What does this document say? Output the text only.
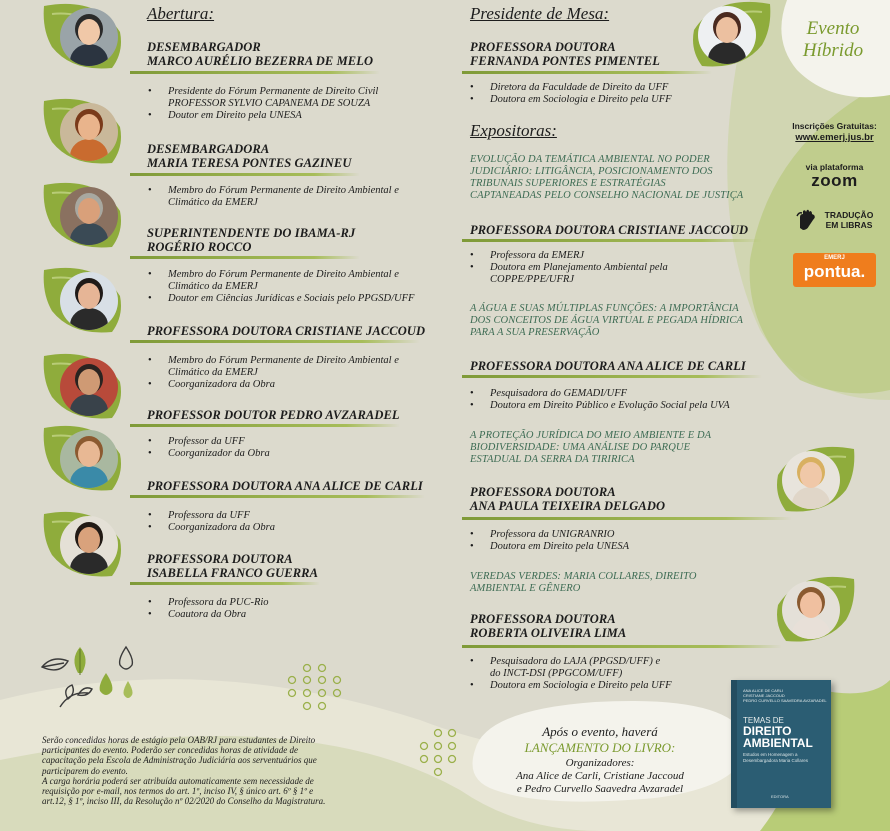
Evento
Híbrido
Inscrições Gratuitas:
www.emerj.jus.br
via plataforma
zoom
TRADUÇÃO
EM LIBRAS
EMERJ
pontua.
Abertura:	Presidente de Mesa:
Expositoras:
DESEMBARGADOR
MARCO AURÉLIO BEZERRA DE MELO
• Presidente do Fórum Permanente de Direito Civil
PROFESSOR SYLVIO CAPANEMA DE SOUZA
• Doutor em Direito pela UNESA
DESEMBARGADORA
MARIA TERESA PONTES GAZINEU
• Membro do Fórum Permanente de Direito Ambiental e
Climático da EMERJ
SUPERINTENDENTE DO IBAMA-RJ
ROGÉRIO ROCCO
• Membro do Fórum Permanente de Direito Ambiental e
Climático da EMERJ
• Doutor em Ciências Jurídicas e Sociais pelo PPGSD/UFF
PROFESSORA DOUTORA CRISTIANE JACCOUD
• Membro do Fórum Permanente de Direito Ambiental e
Climático da EMERJ
• Coorganizadora da Obra
PROFESSOR DOUTOR PEDRO AVZARADEL
• Professor da UFF
• Coorganizador da Obra
PROFESSORA DOUTORA ANA ALICE DE CARLI
• Professora da UFF
• Coorganizadora da Obra
PROFESSORA DOUTORA
ISABELLA FRANCO GUERRA
• Professora da PUC-Rio
• Coautora da Obra
PROFESSORA DOUTORA
FERNANDA PONTES PIMENTEL
• Diretora da Faculdade de Direito da UFF
• Doutora em Sociologia e Direito pela UFF
EVOLUÇÃO DA TEMÁTICA AMBIENTAL NO PODER
JUDICIÁRIO: LITIGÂNCIA, POSICIONAMENTO DOS
TRIBUNAIS SUPERIORES E ESTRATÉGIAS
CAPTANEADAS PELO CONSELHO NACIONAL DE JUSTIÇA
PROFESSORA DOUTORA CRISTIANE JACCOUD
• Professora da EMERJ
• Doutora em Planejamento Ambiental pela
COPPE/PPE/UFRJ
A ÁGUA E SUAS MÚLTIPLAS FUNÇÕES: A IMPORTÂNCIA
DOS CONCEITOS DE ÁGUA VIRTUAL E PEGADA HÍDRICA
PARA A SUA PRESERVAÇÃO
PROFESSORA DOUTORA ANA ALICE DE CARLI
• Pesquisadora do GEMADI/UFF
• Doutora em Direito Público e Evolução Social pela UVA
A PROTEÇÃO JURÍDICA DO MEIO AMBIENTE E DA
BIODIVERSIDADE: UMA ANÁLISE DO PARQUE
ESTADUAL DA SERRA DA TIRIRICA
PROFESSORA DOUTORA
ANA PAULA TEIXEIRA DELGADO
• Professora da UNIGRANRIO
• Doutora em Direito pela UNESA
VEREDAS VERDES: MARIA COLLARES, DIREITO
AMBIENTAL E GÊNERO
PROFESSORA DOUTORA
ROBERTA OLIVEIRA LIMA
• Pesquisadora do LAJA (PPGSD/UFF) e
do INCT-DSI (PPGCOM/UFF)
• Doutora em Sociologia e Direito pela UFF
Serão concedidas horas de estágio pela OAB/RJ para estudantes de Direito
participantes do evento. Poderão ser concedidas horas de atividade de
capacitação pela Escola de Administração Judiciária aos serventuários que
participarem do evento.
A carga horária poderá ser atribuída automaticamente sem necessidade de
requisição por e-mail, nos termos do art. 1º, inciso IV, § único art. 6º § 1º e
art.12, § 1º, inciso III, da Resolução nº 02/2020 do Conselho da Magistratura.
Após o evento, haverá
LANÇAMENTO DO LIVRO:
Organizadores:
Ana Alice de Carli, Cristiane Jaccoud
e Pedro Curvello Saavedra Avzaradel
ANA ALICE DE CARLI
CRISTIANE JACCOUD
PEDRO CURVELLO SAAVEDRA AVZARADEL
TEMAS DE
DIREITO
AMBIENTAL
Estudos em Homenagem a
Desembargadora Maria Collares
EDITORA
